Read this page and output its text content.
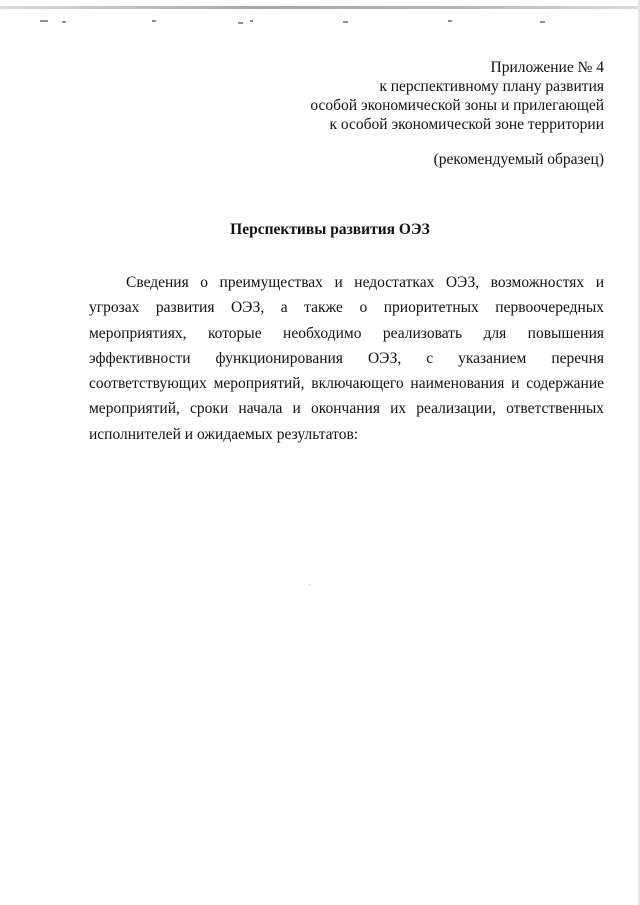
Приложение № 4
к перспективному плану развития
особой экономической зоны и прилегающей
к особой экономической зоне территории
(рекомендуемый образец)
Перспективы развития ОЭЗ

Сведения о преимуществах и недостатках ОЭЗ, возможностях и угрозах развития ОЭЗ, а также о приоритетных первоочередных мероприятиях, которые необходимо реализовать для повышения эффективности функционирования ОЭЗ, с указанием перечня соответствующих мероприятий, включающего наименования и содержание мероприятий, сроки начала и окончания их реализации, ответственных исполнителей и ожидаемых результатов:
